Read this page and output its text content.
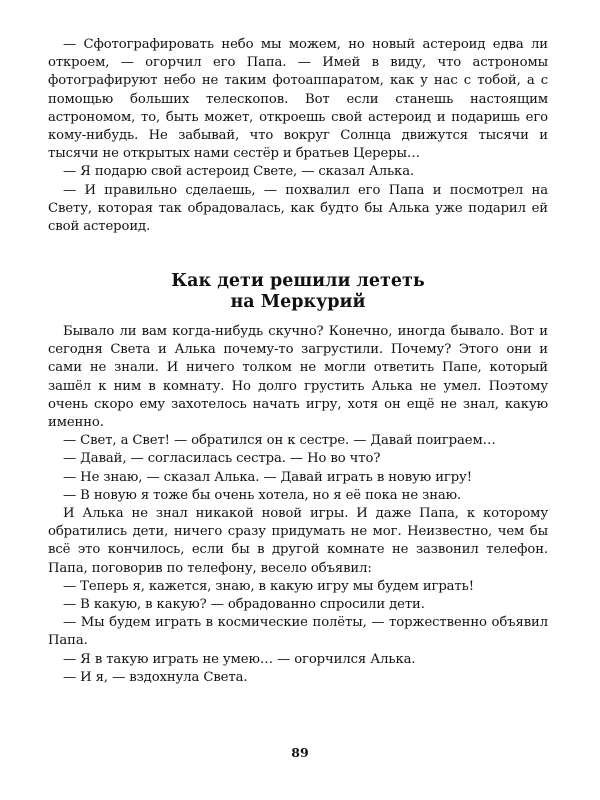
— Сфотографировать небо мы можем, но новый астероид едва ли откроем, — огорчил его Папа. — Имей в виду, что астрономы фотографируют небо не таким фотоаппаратом, как у нас с тобой, а с помощью больших телескопов. Вот если станешь настоящим астрономом, то, быть может, откроешь свой астероид и подаришь его кому-нибудь. Не забывай, что вокруг Солнца движутся тысячи и тысячи не открытых нами сестёр и братьев Цереры…

— Я подарю свой астероид Свете, — сказал Алька.

— И правильно сделаешь, — похвалил его Папа и посмотрел на Свету, которая так обрадовалась, как будто бы Алька уже подарил ей свой астероид.

Как дети решили лететь
на Меркурий

Бывало ли вам когда-нибудь скучно? Конечно, иногда бывало. Вот и сегодня Света и Алька почему-то загрустили. Почему? Этого они и сами не знали. И ничего толком не могли ответить Папе, который зашёл к ним в комнату. Но долго грустить Алька не умел. Поэтому очень скоро ему захотелось начать игру, хотя он ещё не знал, какую именно.

— Свет, а Свет! — обратился он к сестре. — Давай поиграем…

— Давай, — согласилась сестра. — Но во что?

— Не знаю, — сказал Алька. — Давай играть в новую игру!

— В новую я тоже бы очень хотела, но я её пока не знаю.

И Алька не знал никакой новой игры. И даже Папа, к которому обратились дети, ничего сразу придумать не мог. Неизвестно, чем бы всё это кончилось, если бы в другой комнате не зазвонил телефон. Папа, поговорив по телефону, весело объявил:

— Теперь я, кажется, знаю, в какую игру мы будем играть!

— В какую, в какую? — обрадованно спросили дети.

— Мы будем играть в космические полёты, — торжественно объявил Папа.

— Я в такую играть не умею… — огорчился Алька.

— И я, — вздохнула Света.

89
